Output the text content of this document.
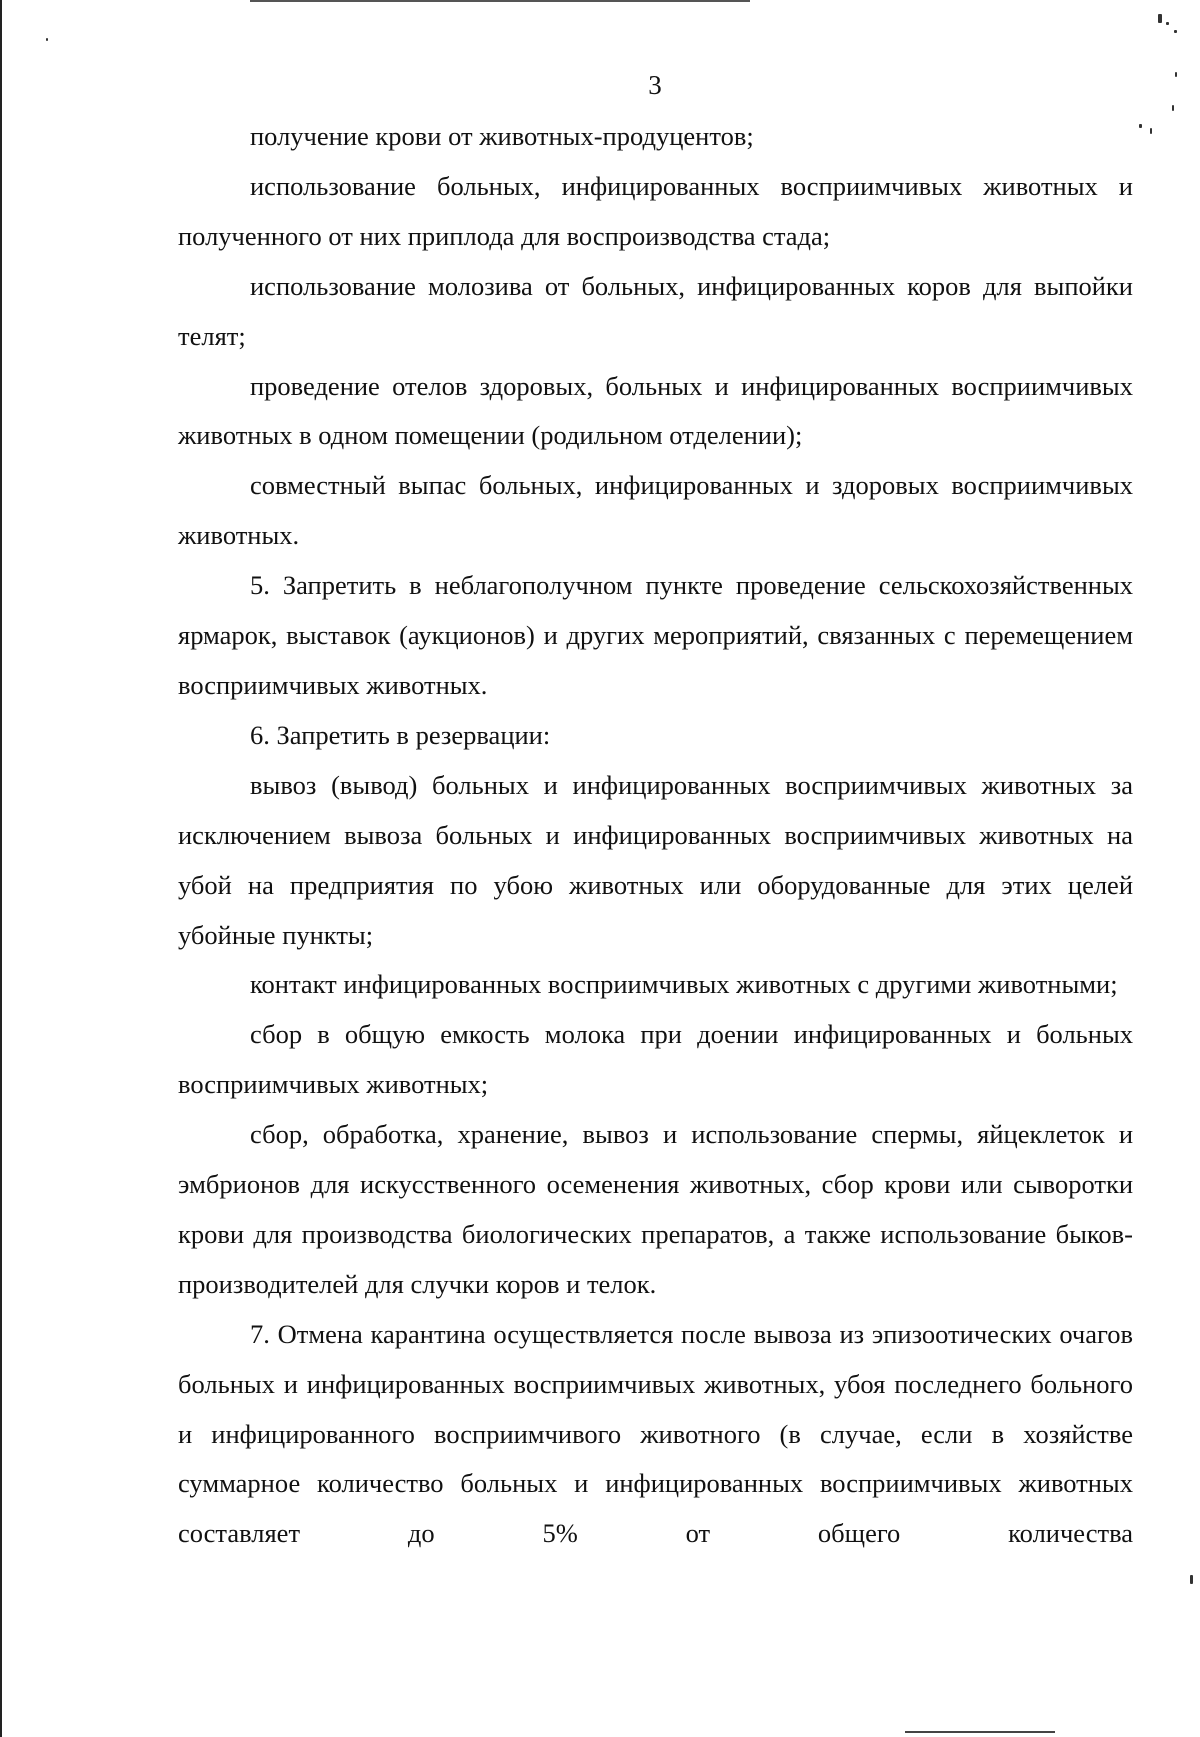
3

получение крови от животных-продуцентов;

использование больных, инфицированных восприимчивых животных и полученного от них приплода для воспроизводства стада;

использование молозива от больных, инфицированных коров для выпойки телят;

проведение отелов здоровых, больных и инфицированных восприимчивых животных в одном помещении (родильном отделении);

совместный выпас больных, инфицированных и здоровых восприимчивых животных.

5. Запретить в неблагополучном пункте проведение сельскохозяйственных ярмарок, выставок (аукционов) и других мероприятий, связанных с перемещением восприимчивых животных.

6. Запретить в резервации:

вывоз (вывод) больных и инфицированных восприимчивых животных за исключением вывоза больных и инфицированных восприимчивых животных на убой на предприятия по убою животных или оборудованные для этих целей убойные пункты;

контакт инфицированных восприимчивых животных с другими животными;

сбор в общую емкость молока при доении инфицированных и больных восприимчивых животных;

сбор, обработка, хранение, вывоз и использование спермы, яйцеклеток и эмбрионов для искусственного осеменения животных, сбор крови или сыворотки крови для производства биологических препаратов, а также использование быков-производителей для случки коров и телок.

7. Отмена карантина осуществляется после вывоза из эпизоотических очагов больных и инфицированных восприимчивых животных, убоя последнего больного и инфицированного восприимчивого животного (в случае, если в хозяйстве суммарное количество больных и инфицированных восприимчивых животных составляет до 5% от общего количества
